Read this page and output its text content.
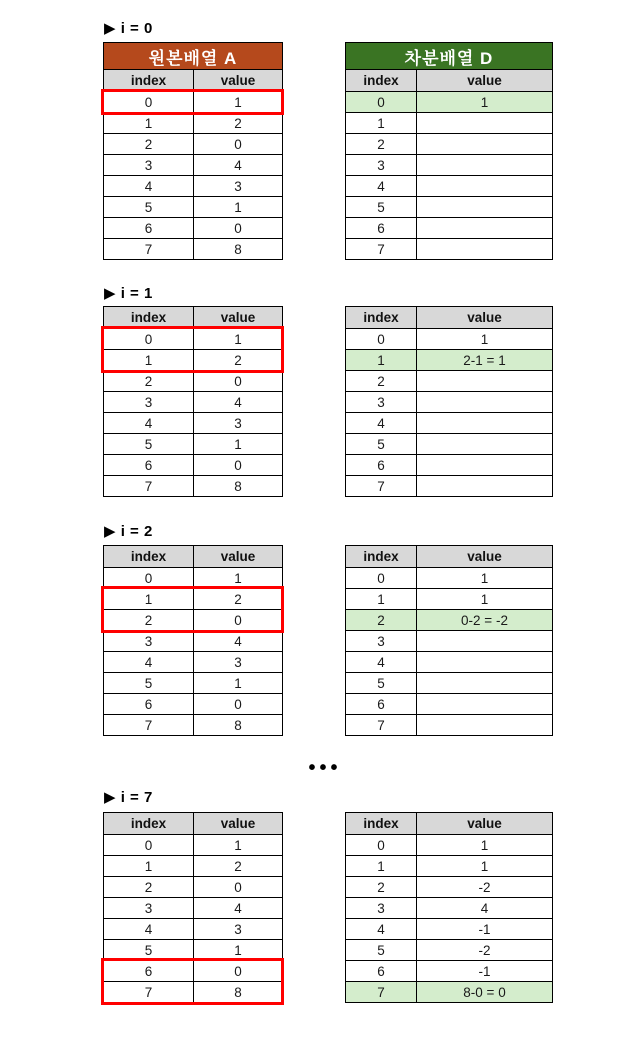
▶ i = 0
원본배열 A	
index	value
0	1
1	2
2	0
3	4
4	3
5	1
6	0
7	8
차분배열 D	
index	value
0	1
1	
2	
3	
4	
5	
6	
7	
▶ i = 1
index	value
0	1
1	2
2	0
3	4
4	3
5	1
6	0
7	8
index	value
0	1
1	2-1 = 1
2	
3	
4	
5	
6	
7	
▶ i = 2
index	value
0	1
1	2
2	0
3	4
4	3
5	1
6	0
7	8
index	value
0	1
1	1
2	0-2 = -2
3	
4	
5	
6	
7	
▶ i = 7
index	value
0	1
1	2
2	0
3	4
4	3
5	1
6	0
7	8
index	value
0	1
1	1
2	-2
3	4
4	-1
5	-2
6	-1
7	8-0 = 0
•••
